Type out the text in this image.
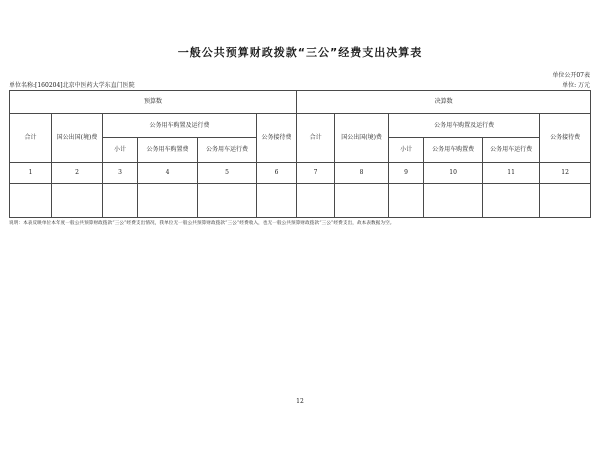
一般公共预算财政拨款“三公”经费支出决算表
单位公开07表
单位名称:[160204]北京中医药大学东直门医院	单位: 万元
预算数						决算数					
合计	国公出国(境)费	公务用车购置及运行费			公务接待费	合计	国公出国(境)费	公务用车购置及运行费			公务接待费
		小计	公务用车购置费	公务用车运行费				小计	公务用车购置费	公务用车运行费	
1	2	3	4	5	6	7	8	9	10	11	12

说明：本表反映单位本年度一般公共预算财政拨款“三公”经费支出情况，我单位无一般公共预算财政拨款“三公”经费收入，也无一般公共预算财政拨款“三公”经费支出，故本表数据为空。
12
